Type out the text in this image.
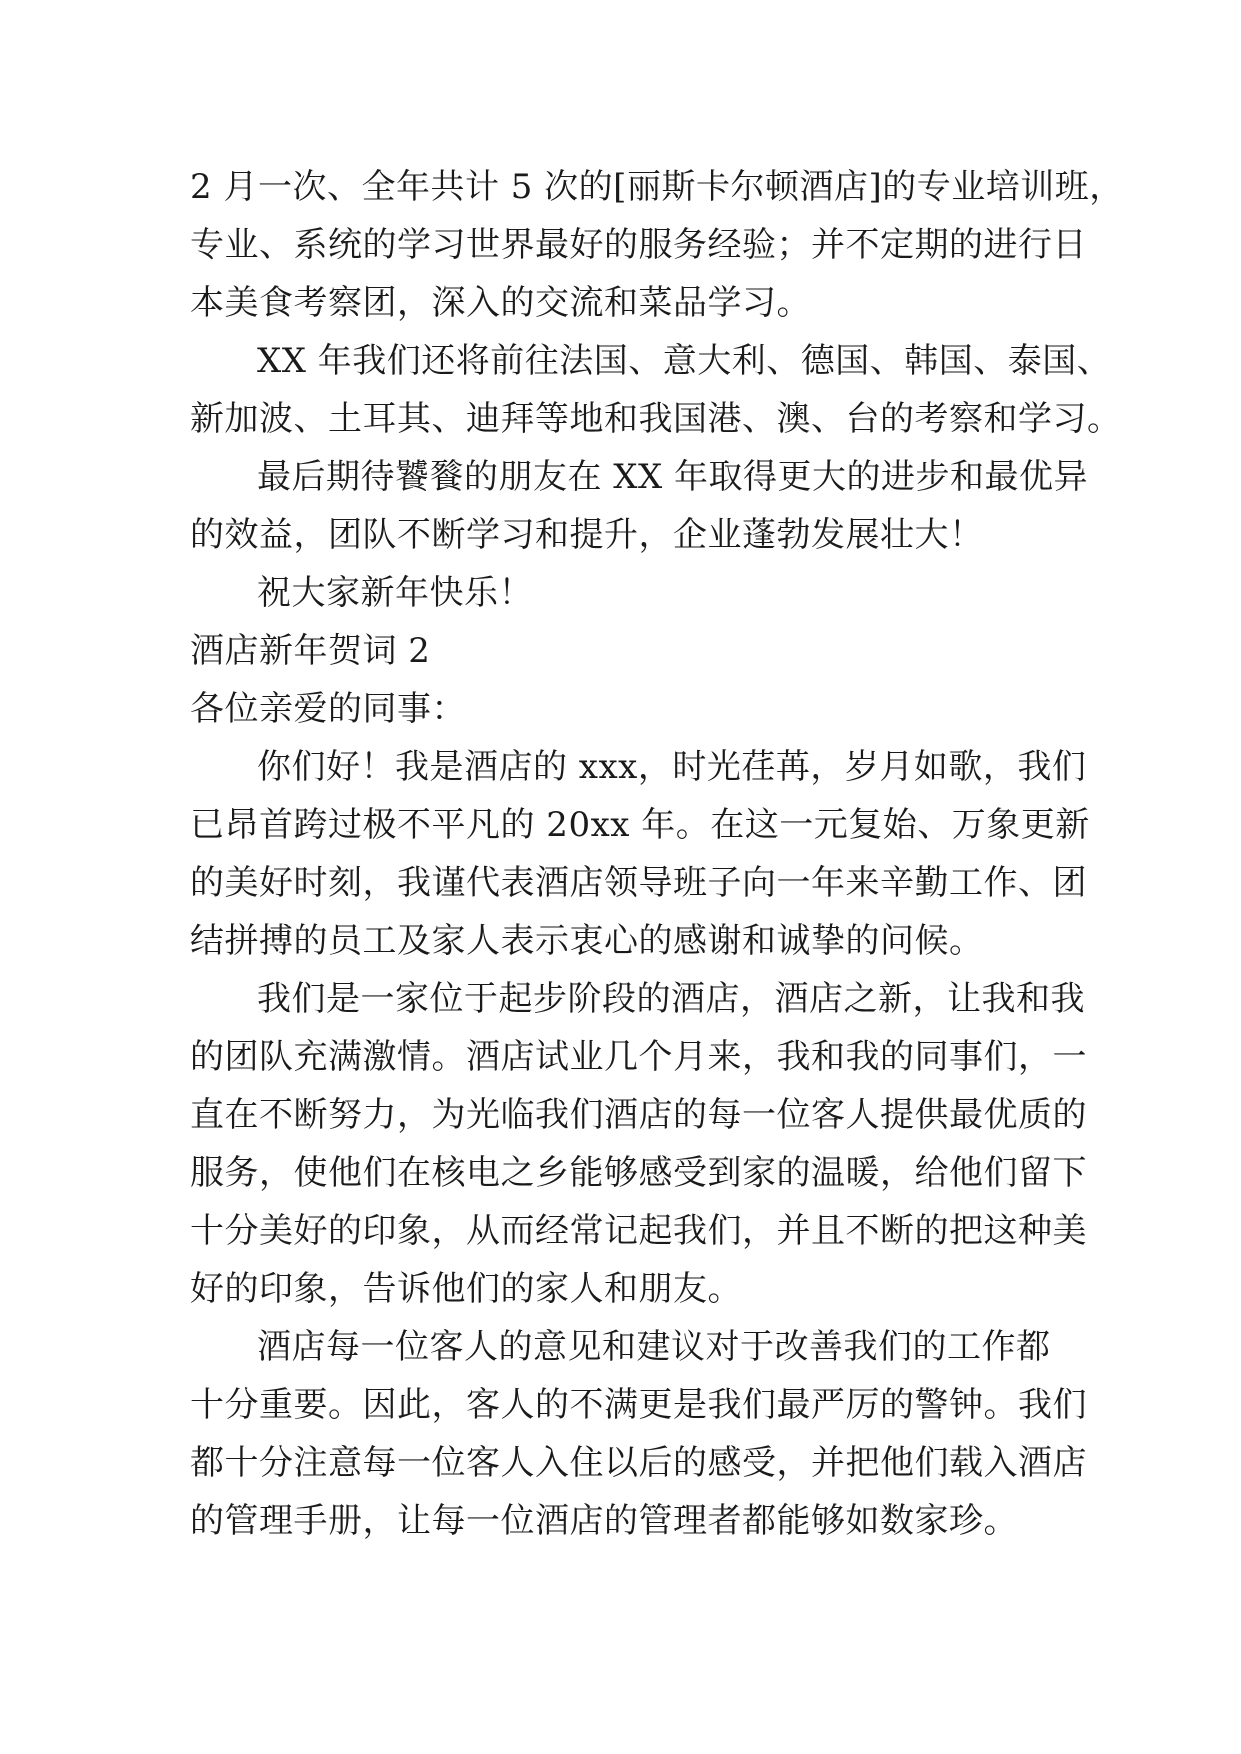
2 月一次、全年共计 5 次的[丽斯卡尔顿酒店]的专业培训班，
专业、系统的学习世界最好的服务经验；并不定期的进行日
本美食考察团，深入的交流和菜品学习。
XX 年我们还将前往法国、意大利、德国、韩国、泰国、
新加波、土耳其、迪拜等地和我国港、澳、台的考察和学习。
最后期待饕餮的朋友在 XX 年取得更大的进步和最优异
的效益，团队不断学习和提升，企业蓬勃发展壮大！
祝大家新年快乐！
酒店新年贺词 2
各位亲爱的同事：
你们好！我是酒店的 xxx，时光荏苒，岁月如歌，我们
已昂首跨过极不平凡的 20xx 年。在这一元复始、万象更新
的美好时刻，我谨代表酒店领导班子向一年来辛勤工作、团
结拼搏的员工及家人表示衷心的感谢和诚挚的问候。
我们是一家位于起步阶段的酒店，酒店之新，让我和我
的团队充满激情。酒店试业几个月来，我和我的同事们，一
直在不断努力，为光临我们酒店的每一位客人提供最优质的
服务，使他们在核电之乡能够感受到家的温暖，给他们留下
十分美好的印象，从而经常记起我们，并且不断的把这种美
好的印象，告诉他们的家人和朋友。
酒店每一位客人的意见和建议对于改善我们的工作都
十分重要。因此，客人的不满更是我们最严厉的警钟。我们
都十分注意每一位客人入住以后的感受，并把他们载入酒店
的管理手册，让每一位酒店的管理者都能够如数家珍。
